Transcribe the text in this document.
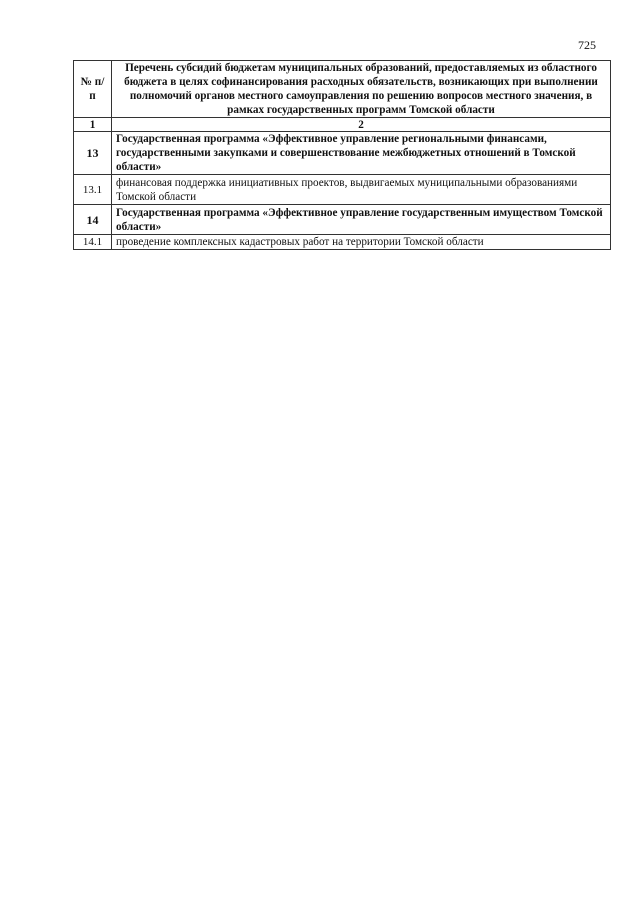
725
№ п/п	Перечень субсидий бюджетам муниципальных образований, предоставляемых из областного бюджета в целях софинансирования расходных обязательств, возникающих при выполнении полномочий органов местного самоуправления по решению вопросов местного значения, в рамках государственных программ Томской области
1	2
13	Государственная программа «Эффективное управление региональными финансами, государственными закупками и совершенствование межбюджетных отношений в Томской области»
13.1	финансовая поддержка инициативных проектов, выдвигаемых муниципальными образованиями Томской области
14	Государственная программа «Эффективное управление государственным имуществом Томской области»
14.1	проведение комплексных кадастровых работ на территории Томской области
